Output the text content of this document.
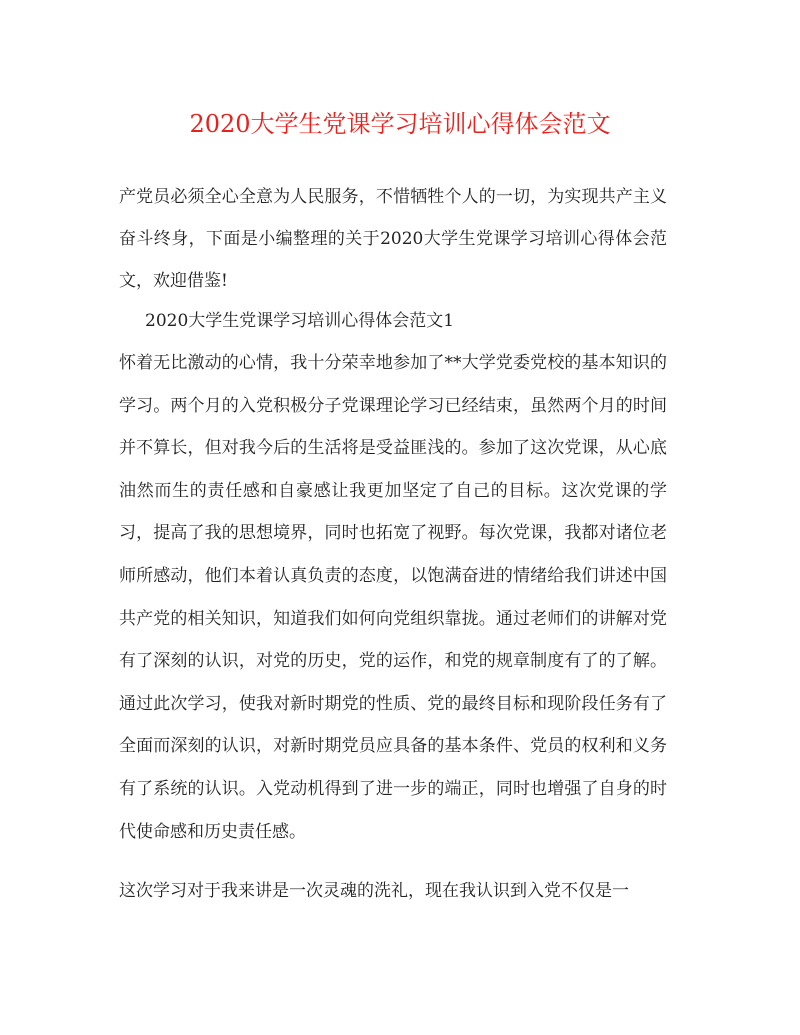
2020大学生党课学习培训心得体会范文

产党员必须全心全意为人民服务，不惜牺牲个人的一切，为实现共产主义奋斗终身，下面是小编整理的关于2020大学生党课学习培训心得体会范文，欢迎借鉴!

2020大学生党课学习培训心得体会范文1

怀着无比激动的心情，我十分荣幸地参加了**大学党委党校的基本知识的学习。两个月的入党积极分子党课理论学习已经结束，虽然两个月的时间并不算长，但对我今后的生活将是受益匪浅的。参加了这次党课，从心底油然而生的责任感和自豪感让我更加坚定了自己的目标。这次党课的学习，提高了我的思想境界，同时也拓宽了视野。每次党课，我都对诸位老师所感动，他们本着认真负责的态度，以饱满奋进的情绪给我们讲述中国共产党的相关知识，知道我们如何向党组织靠拢。通过老师们的讲解对党有了深刻的认识，对党的历史，党的运作，和党的规章制度有了的了解。通过此次学习，使我对新时期党的性质、党的最终目标和现阶段任务有了全面而深刻的认识，对新时期党员应具备的基本条件、党员的权利和义务有了系统的认识。入党动机得到了进一步的端正，同时也增强了自身的时代使命感和历史责任感。

这次学习对于我来讲是一次灵魂的洗礼，现在我认识到入党不仅是一
